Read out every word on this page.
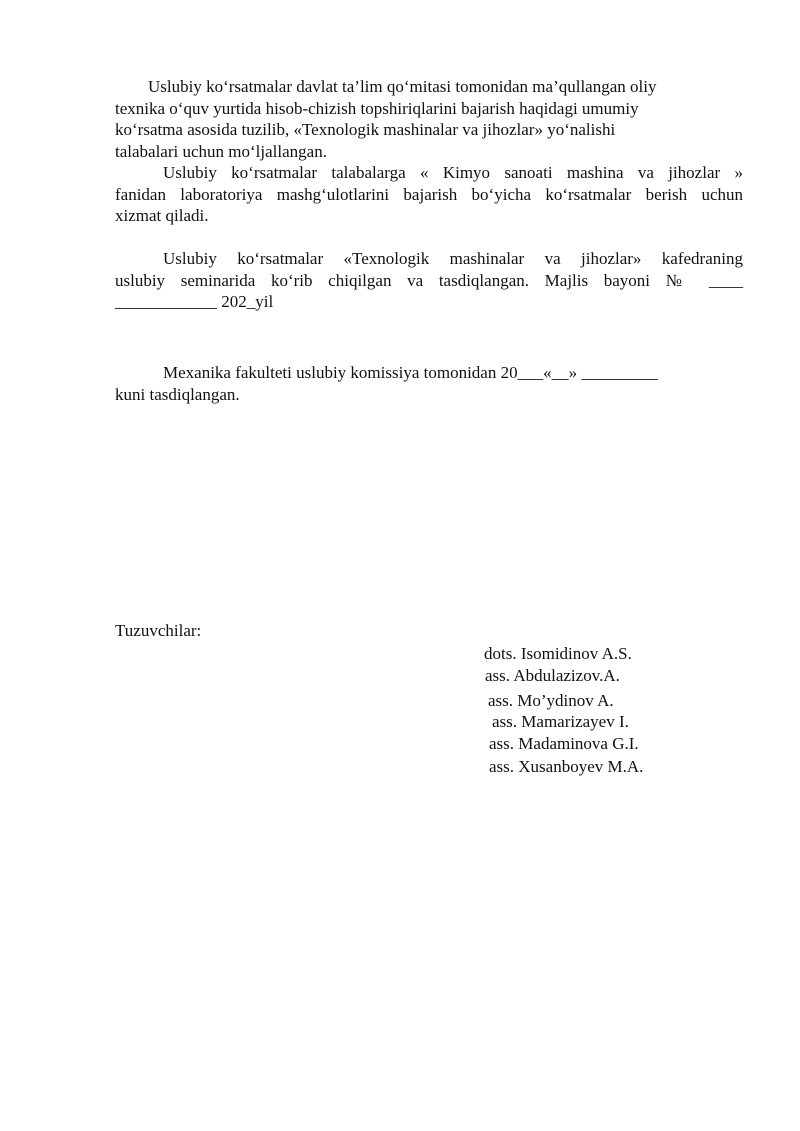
Uslubiy ko‘rsatmalar davlat ta’lim qo‘mitasi tomonidan ma’qullangan oliy
texnika o‘quv yurtida hisob-chizish topshiriqlarini bajarish haqidagi umumiy
ko‘rsatma asosida tuzilib, «Texnologik mashinalar va jihozlar» yo‘nalishi
talabalari uchun mo‘ljallangan.

Uslubiy ko‘rsatmalar talabalarga « Kimyo sanoati mashina va jihozlar »
fanidan laboratoriya mashg‘ulotlarini bajarish bo‘yicha ko‘rsatmalar berish uchun
xizmat qiladi.

Uslubiy ko‘rsatmalar «Texnologik mashinalar va jihozlar» kafedraning
uslubiy seminarida ko‘rib chiqilgan va tasdiqlangan. Majlis bayoni № ____
____________ 202_yil

Mexanika fakulteti uslubiy komissiya tomonidan 20___«__» _________
kuni tasdiqlangan.

Tuzuvchilar:

dots. Isomidinov A.S.
ass. Abdulazizov.A.
ass. Mo’ydinov A.
ass. Mamarizayev I.
ass. Madaminova G.I.
ass. Xusanboyev M.A.
